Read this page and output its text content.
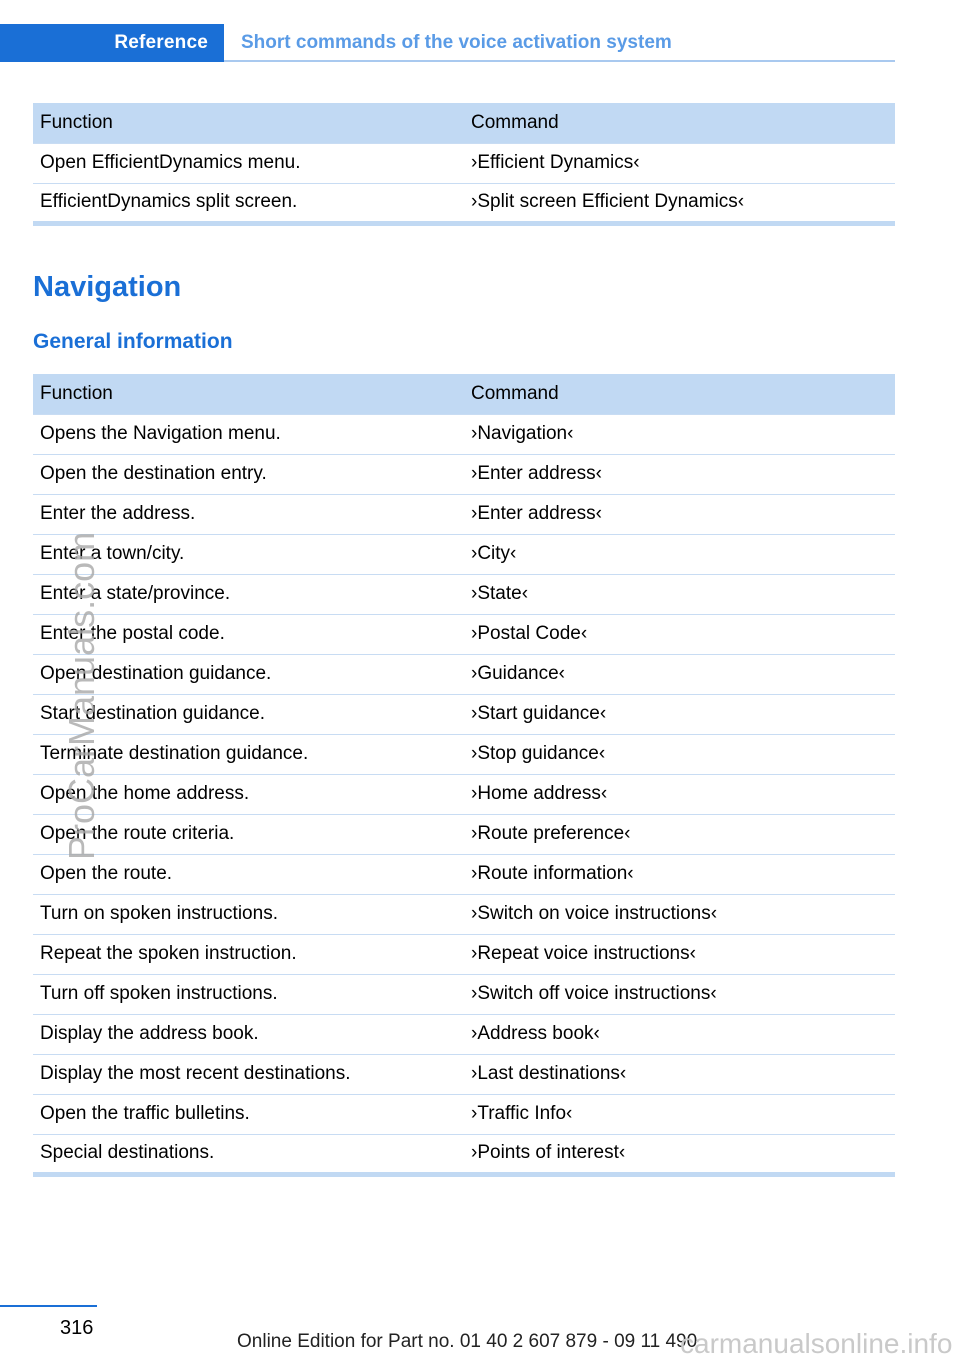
Reference Short commands of the voice activation system
Function	Command
Open EfficientDynamics menu.	›Efficient Dynamics‹
EfficientDynamics split screen.	›Split screen Efficient Dynamics‹
Navigation
General information
Function	Command
Opens the Navigation menu.	›Navigation‹
Open the destination entry.	›Enter address‹
Enter the address.	›Enter address‹
Enter a town/city.	›City‹
Enter a state/province.	›State‹
Enter the postal code.	›Postal Code‹
Open destination guidance.	›Guidance‹
Start destination guidance.	›Start guidance‹
Terminate destination guidance.	›Stop guidance‹
Open the home address.	›Home address‹
Open the route criteria.	›Route preference‹
Open the route.	›Route information‹
Turn on spoken instructions.	›Switch on voice instructions‹
Repeat the spoken instruction.	›Repeat voice instructions‹
Turn off spoken instructions.	›Switch off voice instructions‹
Display the address book.	›Address book‹
Display the most recent destinations.	›Last destinations‹
Open the traffic bulletins.	›Traffic Info‹
Special destinations.	›Points of interest‹
ProCarManuals.com
316
Online Edition for Part no. 01 40 2 607 879 - 09 11 490
carmanualsonline.info
